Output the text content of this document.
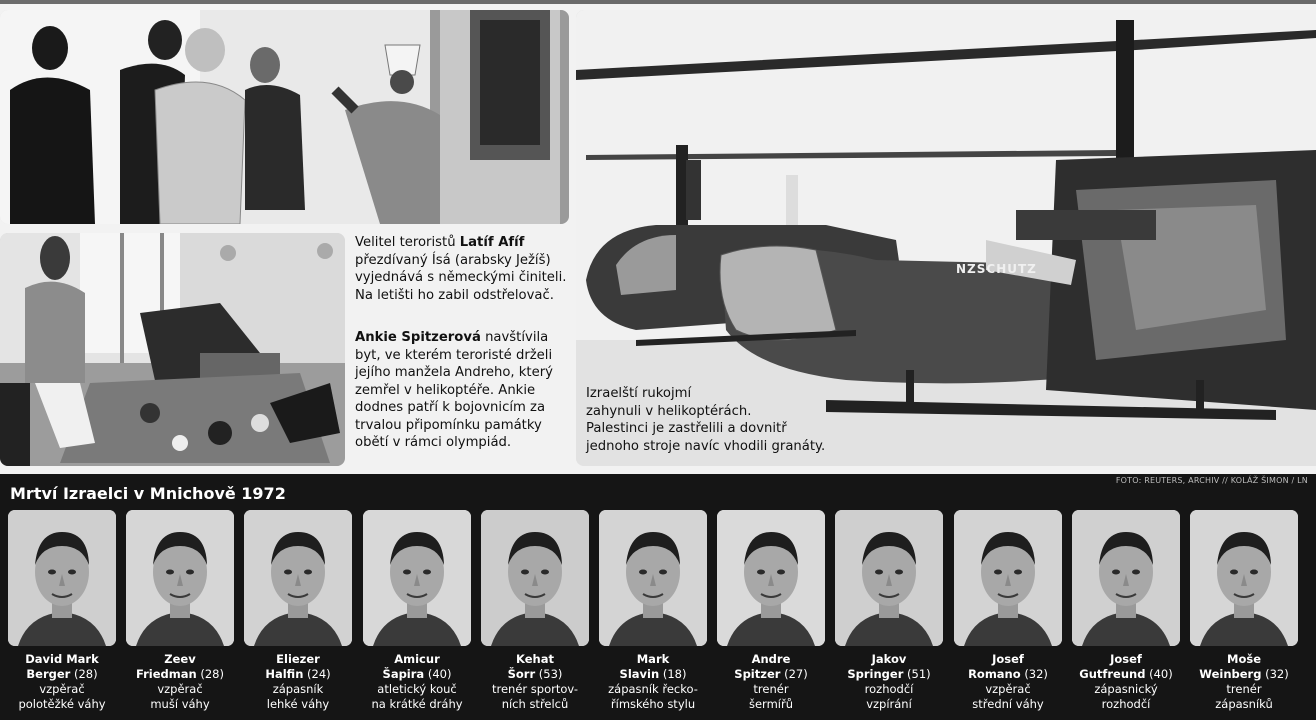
Velitel teroristů Latíf Afíf
přezdívaný Ísá (arabsky Ježíš)
vyjednává s německými činiteli.
Na letišti ho zabil odstřelovač.
Ankie Spitzerová navštívila
byt, ve kterém teroristé drželi
jejího manžela Andreho, který
zemřel v helikoptéře. Ankie
dodnes patří k bojovnicím za
trvalou připomínku památky
obětí v rámci olympiád.
NZSCHUTZ
Izraelští rukojmí
zahynuli v helikoptérách.
Palestinci je zastřelili a dovnitř
jednoho stroje navíc vhodili granáty.
FOTO: REUTERS, ARCHIV // KOLÁŽ ŠIMON / LN
Mrtví Izraelci v Mnichově 1972
David Mark
Berger (28)
vzpěrač
polotěžké váhy
Zeev
Friedman (28)
vzpěrač
muší váhy
Eliezer
Halfin (24)
zápasník
lehké váhy
Amicur
Šapira (40)
atletický kouč
na krátké dráhy
Kehat
Šorr (53)
trenér sportov-
ních střelců
Mark
Slavin (18)
zápasník řecko-
římského stylu
Andre
Spitzer (27)
trenér
šermířů
Jakov
Springer (51)
rozhodčí
vzpírání
Josef
Romano (32)
vzpěrač
střední váhy
Josef
Gutfreund (40)
zápasnický
rozhodčí
Moše
Weinberg (32)
trenér
zápasníků
